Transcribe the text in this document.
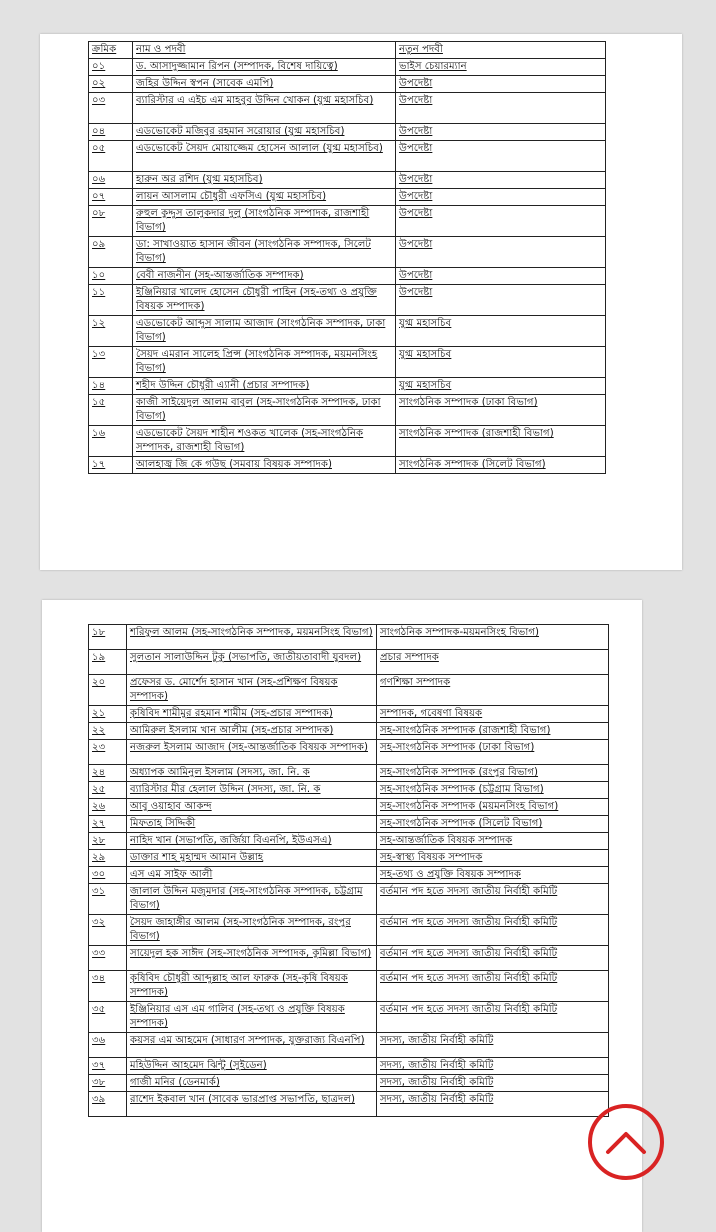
ক্রমিক	নাম ও পদবী	নতুন পদবী
০১	ড. আসাদুজ্জামান রিপন (সম্পাদক, বিশেষ দায়িত্বে)	ভাইস চেয়ারম্যান
০২	জহির উদ্দিন স্বপন (সাবেক এমপি)	উপদেষ্টা
০৩	ব্যারিস্টার এ এইচ এম মাহবুব উদ্দিন খোকন (যুগ্ম মহাসচিব)	উপদেষ্টা
০৪	এডভোকেট মজিবুর রহমান সরোয়ার (যুগ্ম মহাসচিব)	উপদেষ্টা
০৫	এডভোকেট সৈয়দ মোয়াজ্জেম হোসেন আলাল (যুগ্ম মহাসচিব)	উপদেষ্টা
০৬	হারুন অর রশিদ (যুগ্ম মহাসচিব)	উপদেষ্টা
০৭	লায়ন আসলাম চৌধুরী এফসিএ (যুগ্ম মহাসচিব)	উপদেষ্টা
০৮	রুহুল কুদ্দুস তালুকদার দুলু (সাংগঠনিক সম্পাদক, রাজশাহী বিভাগ)	উপদেষ্টা
০৯	ডা: সাখাওয়াত হাসান জীবন (সাংগঠনিক সম্পাদক, সিলেট বিভাগ)	উপদেষ্টা
১০	বেবী নাজনীন (সহ-আন্তর্জাতিক সম্পাদক)	উপদেষ্টা
১১	ইঞ্জিনিয়ার খালেদ হোসেন চৌধুরী পাহিন (সহ-তথ্য ও প্রযুক্তি বিষয়ক সম্পাদক)	উপদেষ্টা
১২	এডভোকেট আব্দুস সালাম আজাদ (সাংগঠনিক সম্পাদক, ঢাকা বিভাগ)	যুগ্ম মহাসচিব
১৩	সৈয়দ এমরান সালেহ প্রিন্স (সাংগঠনিক সম্পাদক, ময়মনসিংহ বিভাগ)	যুগ্ম মহাসচিব
১৪	শহীদ উদ্দিন চৌধুরী এ্যানী (প্রচার সম্পাদক)	যুগ্ম মহাসচিব
১৫	কাজী সাইয়েদুল আলম বাবুল (সহ-সাংগঠনিক সম্পাদক, ঢাকা বিভাগ)	সাংগঠনিক সম্পাদক (ঢাকা বিভাগ)
১৬	এডভোকেট সৈয়দ শাহীন শওকত খালেক (সহ-সাংগঠনিক সম্পাদক, রাজশাহী বিভাগ)	সাংগঠনিক সম্পাদক (রাজশাহী বিভাগ)
১৭	আলহাজ্ব জি কে গউছ (সমবায় বিষয়ক সম্পাদক)	সাংগঠনিক সম্পাদক (সিলেট বিভাগ)
১৮	শরিফুল আলম (সহ-সাংগঠনিক সম্পাদক, ময়মনসিংহ বিভাগ)	সাংগঠনিক সম্পাদক-ময়মনসিংহ বিভাগ)
১৯	সুলতান সালাউদ্দিন টুকু (সভাপতি, জাতীয়তাবাদী যুবদল)	প্রচার সম্পাদক
২০	প্রফেসর ড. মোর্শেদ হাসান খান (সহ-প্রশিক্ষণ বিষয়ক সম্পাদক)	গণশিক্ষা সম্পাদক
২১	কৃষিবিদ শামীমুর রহমান শামীম (সহ-প্রচার সম্পাদক)	সম্পাদক, গবেষণা বিষয়ক
২২	আমিরুল ইসলাম খান আলীম (সহ-প্রচার সম্পাদক)	সহ-সাংগঠনিক সম্পাদক (রাজশাহী বিভাগ)
২৩	নজরুল ইসলাম আজাদ (সহ-আন্তর্জাতিক বিষয়ক সম্পাদক)	সহ-সাংগঠনিক সম্পাদক (ঢাকা বিভাগ)
২৪	অধ্যাপক আমিনুল ইসলাম (সদস্য, জা. নি. ক	সহ-সাংগঠনিক সম্পাদক (রংপুর বিভাগ)
২৫	ব্যারিস্টার মীর হেলাল উদ্দিন (সদস্য, জা. নি. ক	সহ-সাংগঠনিক সম্পাদক (চট্টগ্রাম বিভাগ)
২৬	আবু ওয়াহাব আকন্দ	সহ-সাংগঠনিক সম্পাদক (ময়মনসিংহ বিভাগ)
২৭	মিফতাহ সিদ্দিকী	সহ-সাংগঠনিক সম্পাদক (সিলেট বিভাগ)
২৮	নাহিদ খান (সভাপতি, জর্জিয়া বিএনপি, ইউএসএ)	সহ-আন্তর্জাতিক বিষয়ক সম্পাদক
২৯	ডাক্তার শাহ মুহাম্মদ আমান উল্লাহ	সহ-স্বাস্থ্য বিষয়ক সম্পাদক
৩০	এস এম সাইফ আলী	সহ-তথ্য ও প্রযুক্তি বিষয়ক সম্পাদক
৩১	জালাল উদ্দিন মজুমদার (সহ-সাংগঠনিক সম্পাদক, চট্টগ্রাম বিভাগ)	বর্তমান পদ হতে সদস্য জাতীয় নির্বাহী কমিটি
৩২	সৈয়দ জাহাঙ্গীর আলম (সহ-সাংগঠনিক সম্পাদক, রংপুর বিভাগ)	বর্তমান পদ হতে সদস্য জাতীয় নির্বাহী কমিটি
৩৩	সায়েদুল হক সাঈদ (সহ-সাংগঠনিক সম্পাদক, কুমিল্লা বিভাগ)	বর্তমান পদ হতে সদস্য জাতীয় নির্বাহী কমিটি
৩৪	কৃষিবিদ চৌধুরী আব্দুল্লাহ আল ফারুক (সহ-কৃষি বিষয়ক সম্পাদক)	বর্তমান পদ হতে সদস্য জাতীয় নির্বাহী কমিটি
৩৫	ইঞ্জিনিয়ার এস এম গালিব (সহ-তথ্য ও প্রযুক্তি বিষয়ক সম্পাদক)	বর্তমান পদ হতে সদস্য জাতীয় নির্বাহী কমিটি
৩৬	কয়সর এম আহমেদ (সাধারণ সম্পাদক, যুক্তরাজ্য বিএনপি)	সদস্য, জাতীয় নির্বাহী কমিটি
৩৭	মহিউদ্দিন আহমেদ ঝিন্টু (সুইডেন)	সদস্য, জাতীয় নির্বাহী কমিটি
৩৮	গাজী মনির (ডেনমার্ক)	সদস্য, জাতীয় নির্বাহী কমিটি
৩৯	রাশেদ ইকবাল খান (সাবেক ভারপ্রাপ্ত সভাপতি, ছাত্রদল)	সদস্য, জাতীয় নির্বাহী কমিটি
